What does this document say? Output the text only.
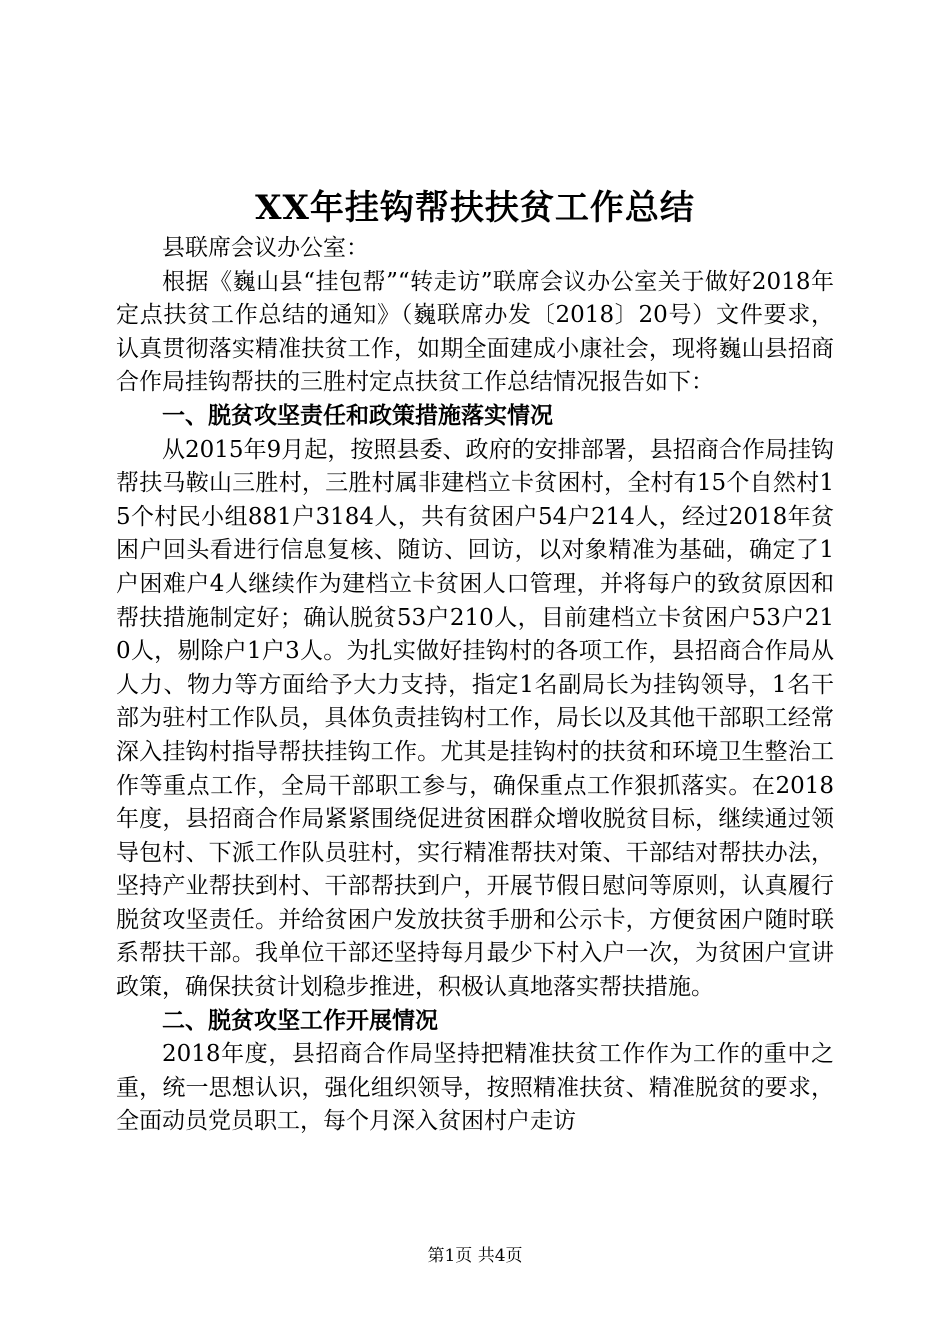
XX年挂钩帮扶扶贫工作总结

县联席会议办公室：

根据《巍山县“挂包帮”“转走访”联席会议办公室关于做好2018年定点扶贫工作总结的通知》（巍联席办发〔2018〕20号）文件要求，认真贯彻落实精准扶贫工作，如期全面建成小康社会，现将巍山县招商合作局挂钩帮扶的三胜村定点扶贫工作总结情况报告如下：

一、脱贫攻坚责任和政策措施落实情况

从2015年9月起，按照县委、政府的安排部署，县招商合作局挂钩帮扶马鞍山三胜村，三胜村属非建档立卡贫困村，全村有15个自然村15个村民小组881户3184人，共有贫困户54户214人，经过2018年贫困户回头看进行信息复核、随访、回访，以对象精准为基础，确定了1户困难户4人继续作为建档立卡贫困人口管理，并将每户的致贫原因和帮扶措施制定好；确认脱贫53户210人，目前建档立卡贫困户53户210人，剔除户1户3人。为扎实做好挂钩村的各项工作，县招商合作局从人力、物力等方面给予大力支持，指定1名副局长为挂钩领导，1名干部为驻村工作队员，具体负责挂钩村工作，局长以及其他干部职工经常深入挂钩村指导帮扶挂钩工作。尤其是挂钩村的扶贫和环境卫生整治工作等重点工作，全局干部职工参与，确保重点工作狠抓落实。在2018年度，县招商合作局紧紧围绕促进贫困群众增收脱贫目标，继续通过领导包村、下派工作队员驻村，实行精准帮扶对策、干部结对帮扶办法，坚持产业帮扶到村、干部帮扶到户，开展节假日慰问等原则，认真履行脱贫攻坚责任。并给贫困户发放扶贫手册和公示卡，方便贫困户随时联系帮扶干部。我单位干部还坚持每月最少下村入户一次，为贫困户宣讲政策，确保扶贫计划稳步推进，积极认真地落实帮扶措施。

二、脱贫攻坚工作开展情况

2018年度，县招商合作局坚持把精准扶贫工作作为工作的重中之重，统一思想认识，强化组织领导，按照精准扶贫、精准脱贫的要求，全面动员党员职工，每个月深入贫困村户走访

第1页 共4页
